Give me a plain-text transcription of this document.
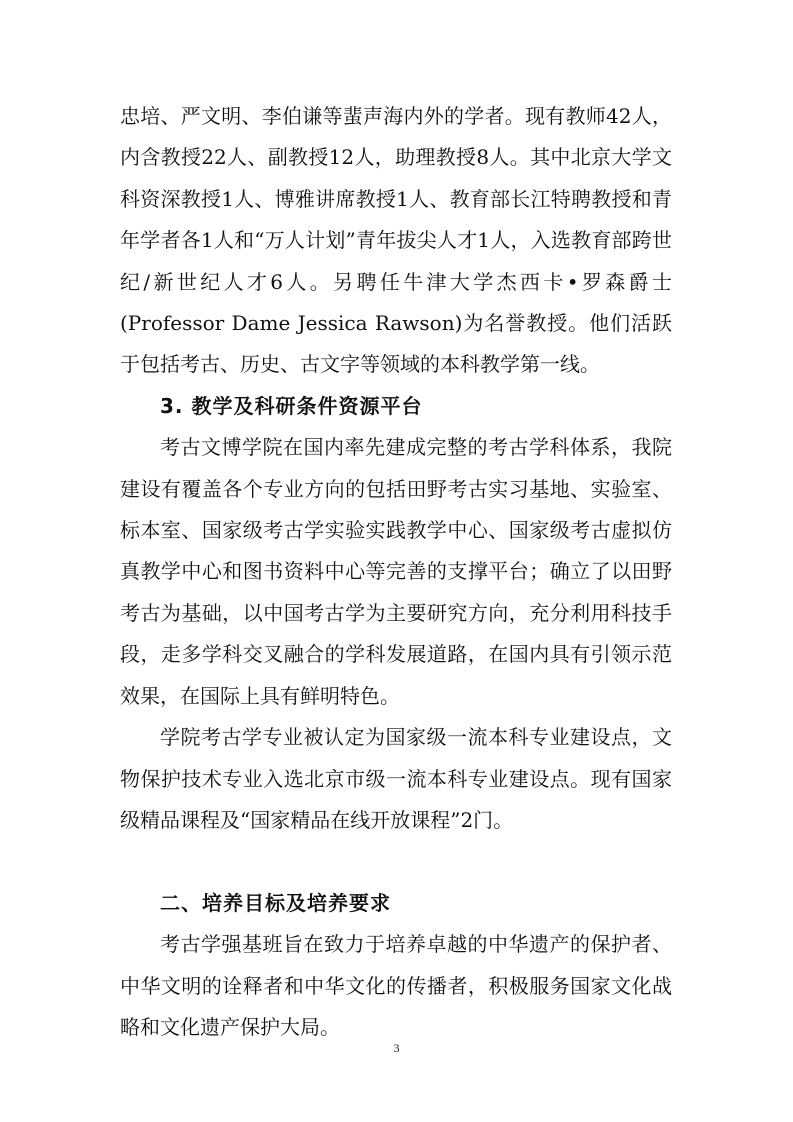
忠培、严文明、李伯谦等蜚声海内外的学者。现有教师42人，内含教授22人、副教授12人，助理教授8人。其中北京大学文科资深教授1人、博雅讲席教授1人、教育部长江特聘教授和青年学者各1人和“万人计划”青年拔尖人才1人，入选教育部跨世纪/新世纪人才6人。另聘任牛津大学杰西卡•罗森爵士(Professor Dame Jessica Rawson)为名誉教授。他们活跃于包括考古、历史、古文字等领域的本科教学第一线。

3. 教学及科研条件资源平台

考古文博学院在国内率先建成完整的考古学科体系，我院建设有覆盖各个专业方向的包括田野考古实习基地、实验室、标本室、国家级考古学实验实践教学中心、国家级考古虚拟仿真教学中心和图书资料中心等完善的支撑平台；确立了以田野考古为基础，以中国考古学为主要研究方向，充分利用科技手段，走多学科交叉融合的学科发展道路，在国内具有引领示范效果，在国际上具有鲜明特色。

学院考古学专业被认定为国家级一流本科专业建设点，文物保护技术专业入选北京市级一流本科专业建设点。现有国家级精品课程及“国家精品在线开放课程”2门。

二、培养目标及培养要求

考古学强基班旨在致力于培养卓越的中华遗产的保护者、中华文明的诠释者和中华文化的传播者，积极服务国家文化战略和文化遗产保护大局。

3
